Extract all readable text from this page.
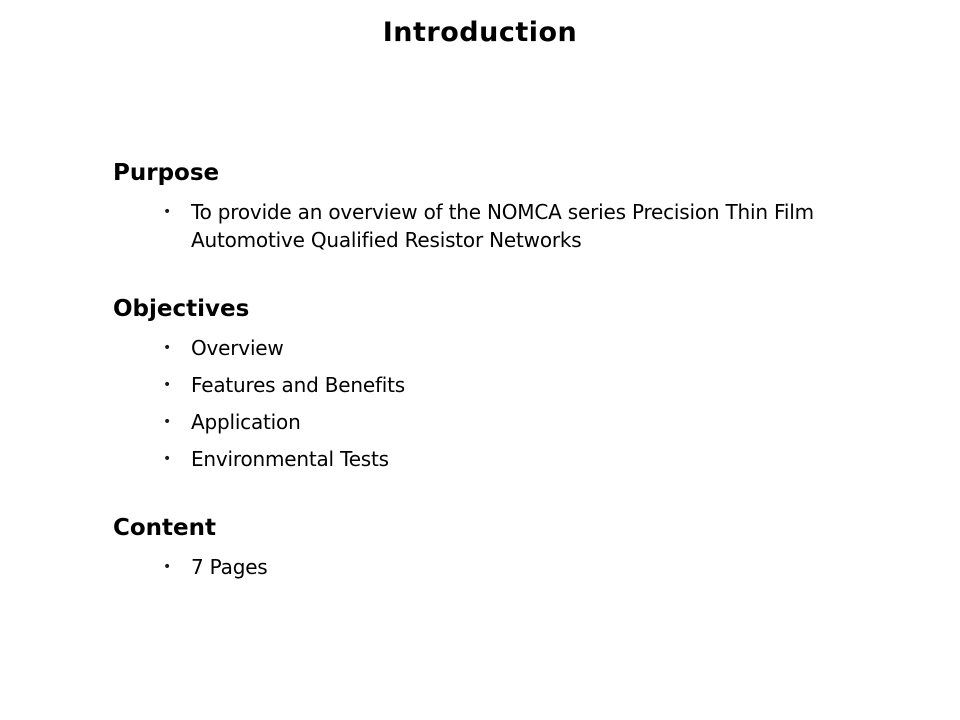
Introduction
Purpose
• To provide an overview of the NOMCA series Precision Thin Film Automotive Qualified Resistor Networks
Objectives
• Overview
• Features and Benefits
• Application
• Environmental Tests
Content
• 7 Pages
